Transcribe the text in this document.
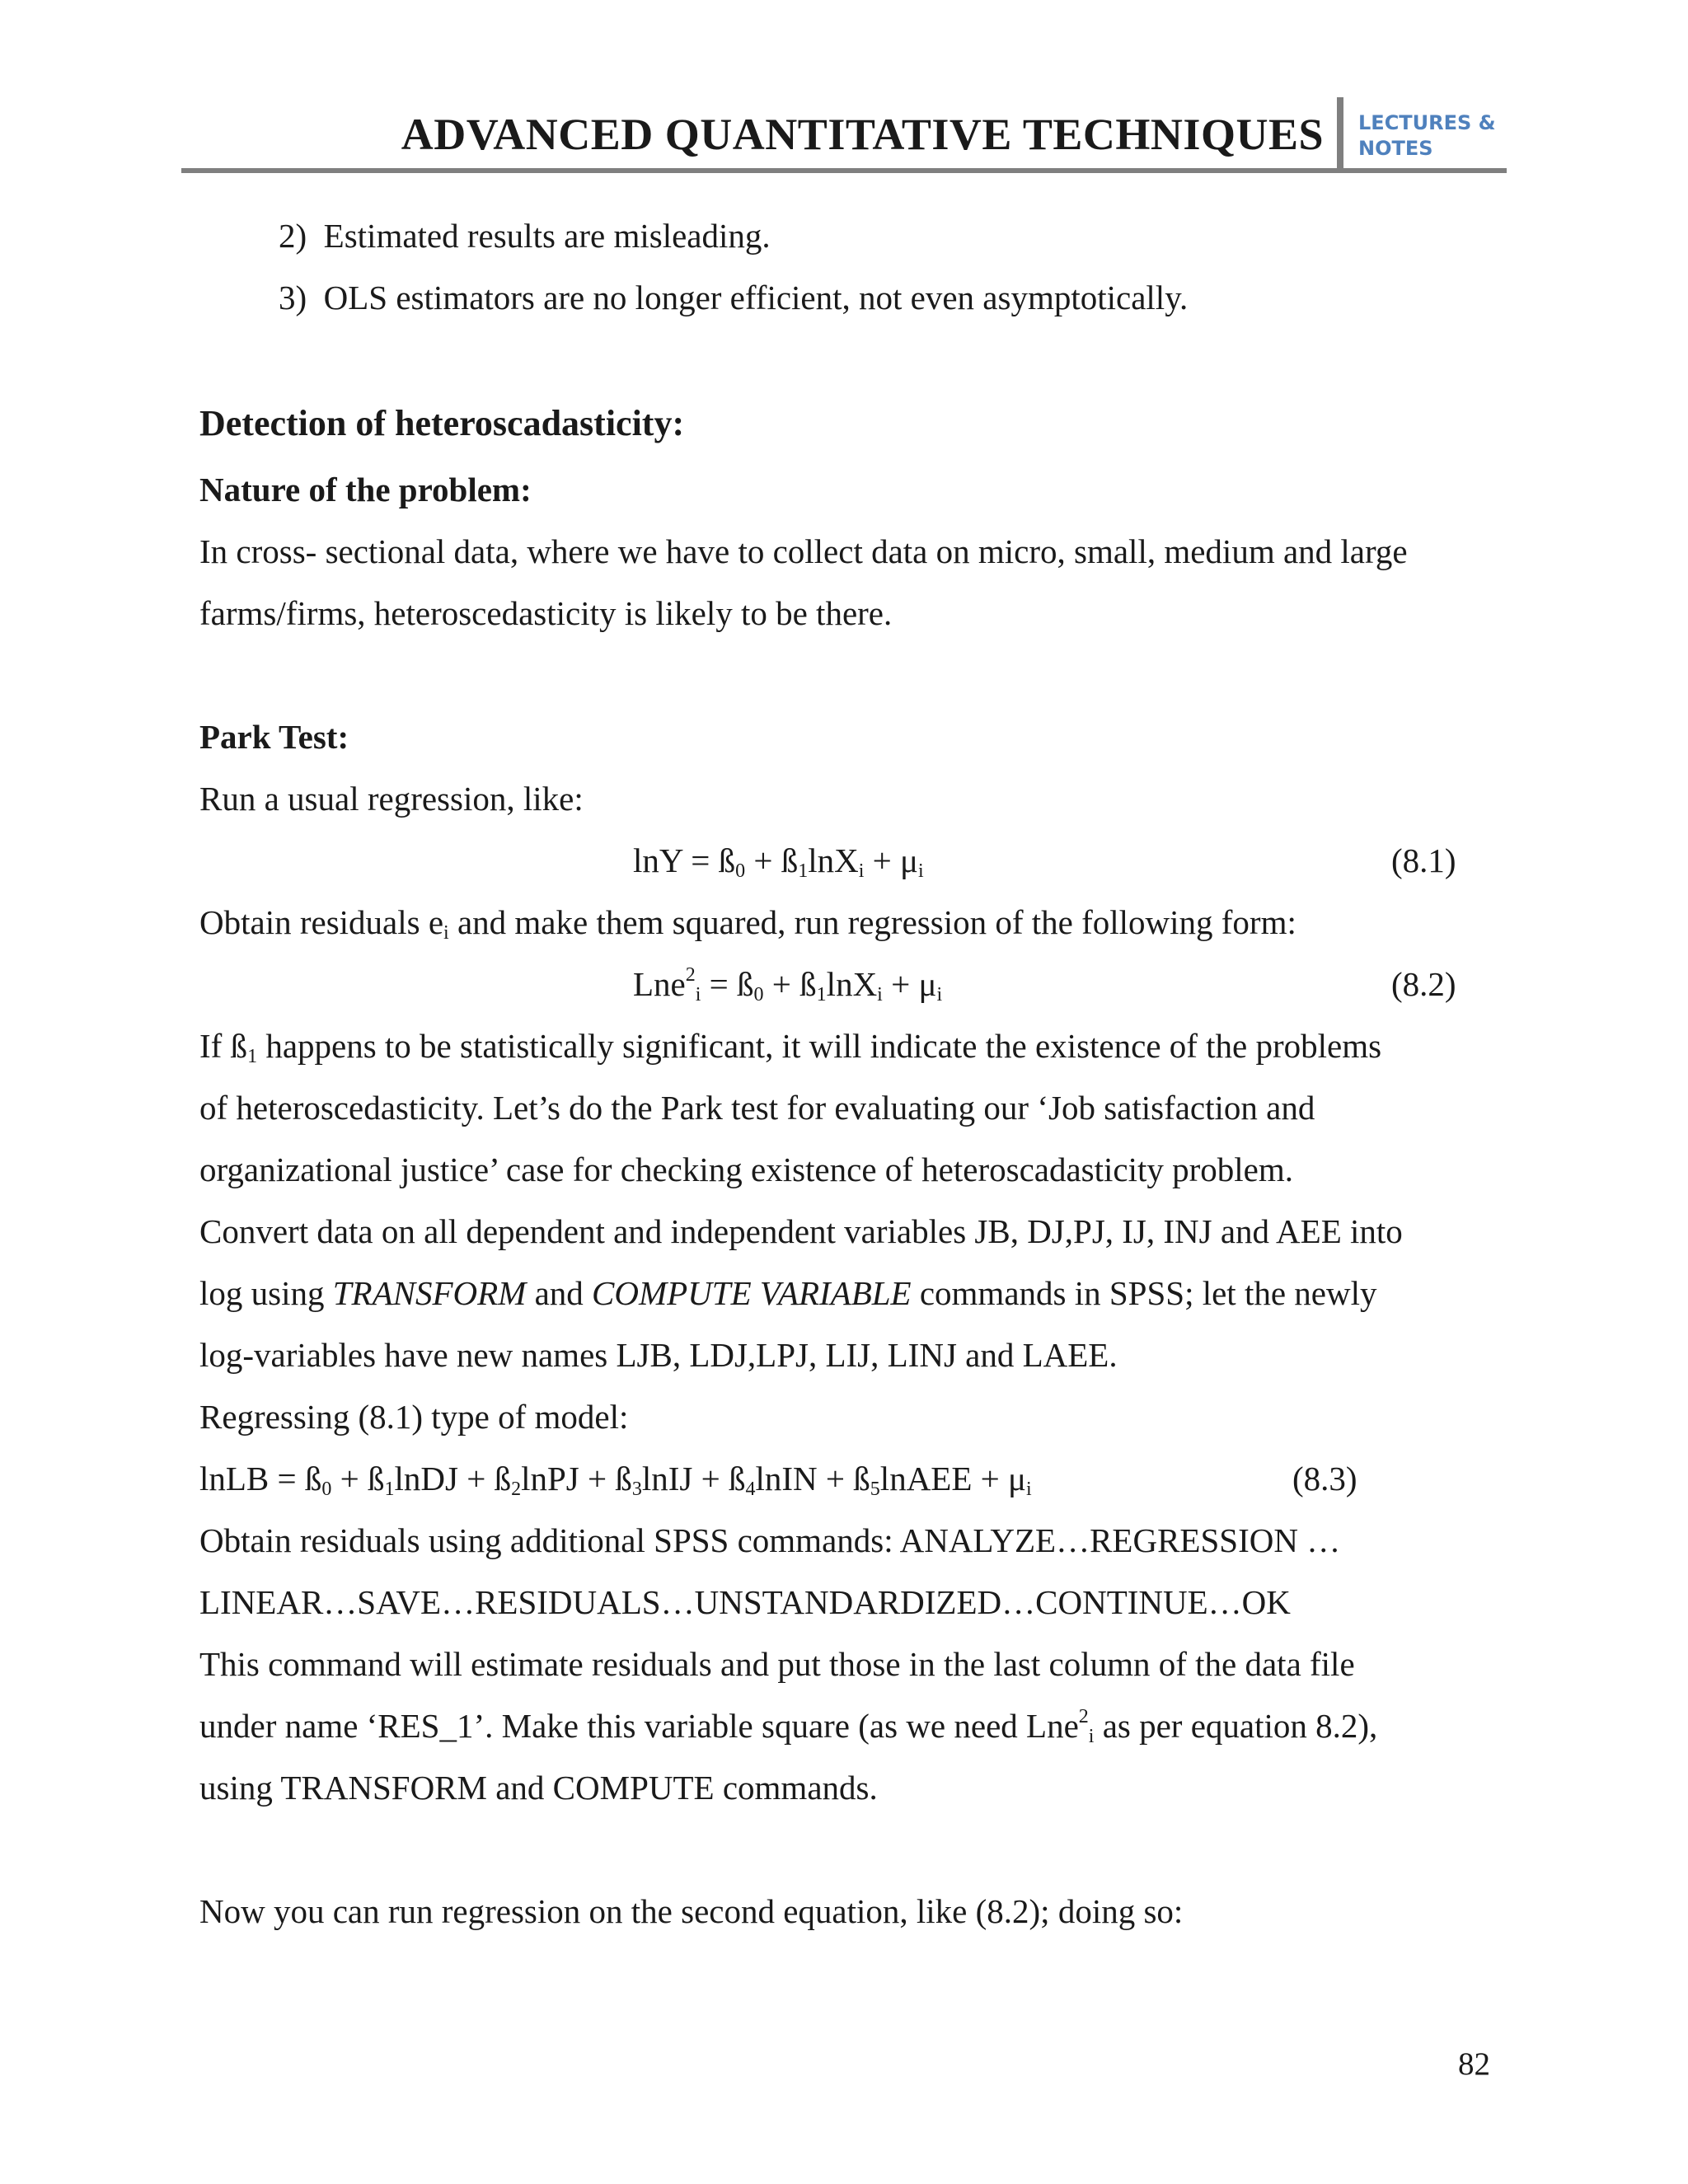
ADVANCED QUANTITATIVE TECHNIQUES LECTURES &
NOTES
2) Estimated results are misleading.
3) OLS estimators are no longer efficient, not even asymptotically.
Detection of heteroscadasticity:
Nature of the problem:
In cross- sectional data, where we have to collect data on micro, small, medium and large
farms/firms, heteroscedasticity is likely to be there.
Park Test:
Run a usual regression, like:
$\ln Y = ß_0$ + $ß_1\ln X_i + \mu_i$	(8.1)
Obtain residuals $e_i$ and make them squared, run regression of the following form:
$Lne^2_i = ß_0$ + $ß_1\ln X_i + \mu_i$	(8.2)
If $ß_1$ happens to be statistically significant, it will indicate the existence of the problems
of heteroscedasticity. Let’s do the Park test for evaluating our ‘Job satisfaction and
organizational justice’ case for checking existence of heteroscadasticity problem.
Convert data on all dependent and independent variables JB, DJ,PJ, IJ, INJ and AEE into
log using TRANSFORM and COMPUTE VARIABLE commands in SPSS; let the newly
log-variables have new names LJB, LDJ,LPJ, LIJ, LINJ and LAEE.
Regressing (8.1) type of model:
lnLB = $ß_0$ + $ß_1lnDJ$ + $ß_2lnPJ$ + $ß_3lnIJ$ + $ß_4lnIN$ + $ß_5lnAEE + \mu_i$	(8.3)
Obtain residuals using additional SPSS commands: ANALYZE…REGRESSION …
LINEAR…SAVE…RESIDUALS…UNSTANDARDIZED…CONTINUE…OK
This command will estimate residuals and put those in the last column of the data file
under name ‘RES_1’. Make this variable square (as we need Lne$^2_i$ as per equation 8.2),
using TRANSFORM and COMPUTE commands.
Now you can run regression on the second equation, like (8.2); doing so:
82
